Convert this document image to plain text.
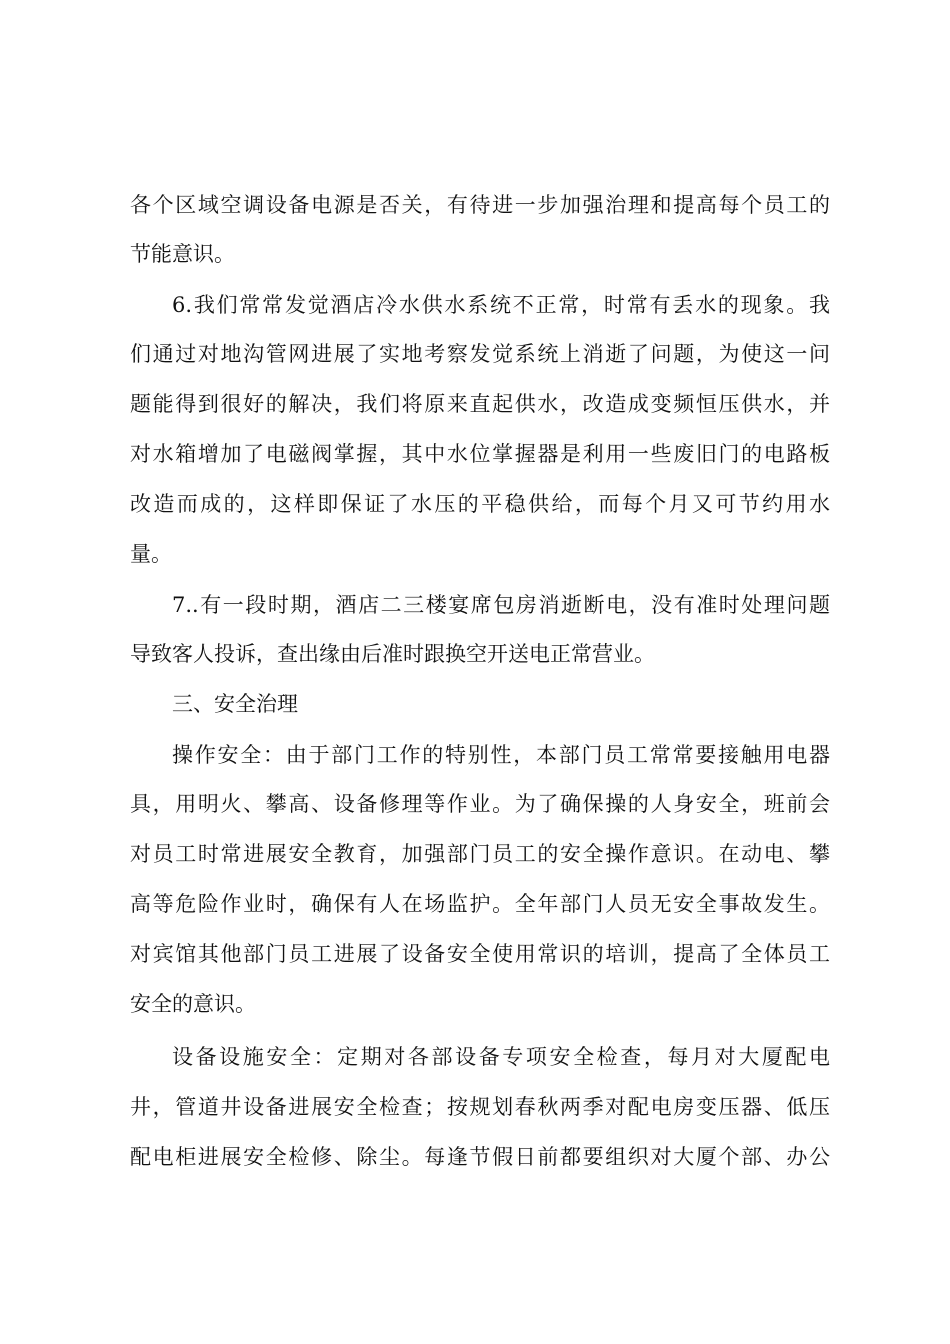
各个区域空调设备电源是否关，有待进一步加强治理和提高每个员工的
节能意识。
6.我们常常发觉酒店冷水供水系统不正常，时常有丢水的现象。我
们通过对地沟管网进展了实地考察发觉系统上消逝了问题，为使这一问
题能得到很好的解决，我们将原来直起供水，改造成变频恒压供水，并
对水箱增加了电磁阀掌握，其中水位掌握器是利用一些废旧门的电路板
改造而成的，这样即保证了水压的平稳供给，而每个月又可节约用水
量。
7..有一段时期，酒店二三楼宴席包房消逝断电，没有准时处理问题
导致客人投诉，查出缘由后准时跟换空开送电正常营业。
三、安全治理
操作安全：由于部门工作的特别性，本部门员工常常要接触用电器
具，用明火、攀高、设备修理等作业。为了确保操的人身安全，班前会
对员工时常进展安全教育，加强部门员工的安全操作意识。在动电、攀
高等危险作业时，确保有人在场监护。全年部门人员无安全事故发生。
对宾馆其他部门员工进展了设备安全使用常识的培训，提高了全体员工
安全的意识。
设备设施安全：定期对各部设备专项安全检查，每月对大厦配电
井，管道井设备进展安全检查；按规划春秋两季对配电房变压器、低压
配电柜进展安全检修、除尘。每逢节假日前都要组织对大厦个部、办公
